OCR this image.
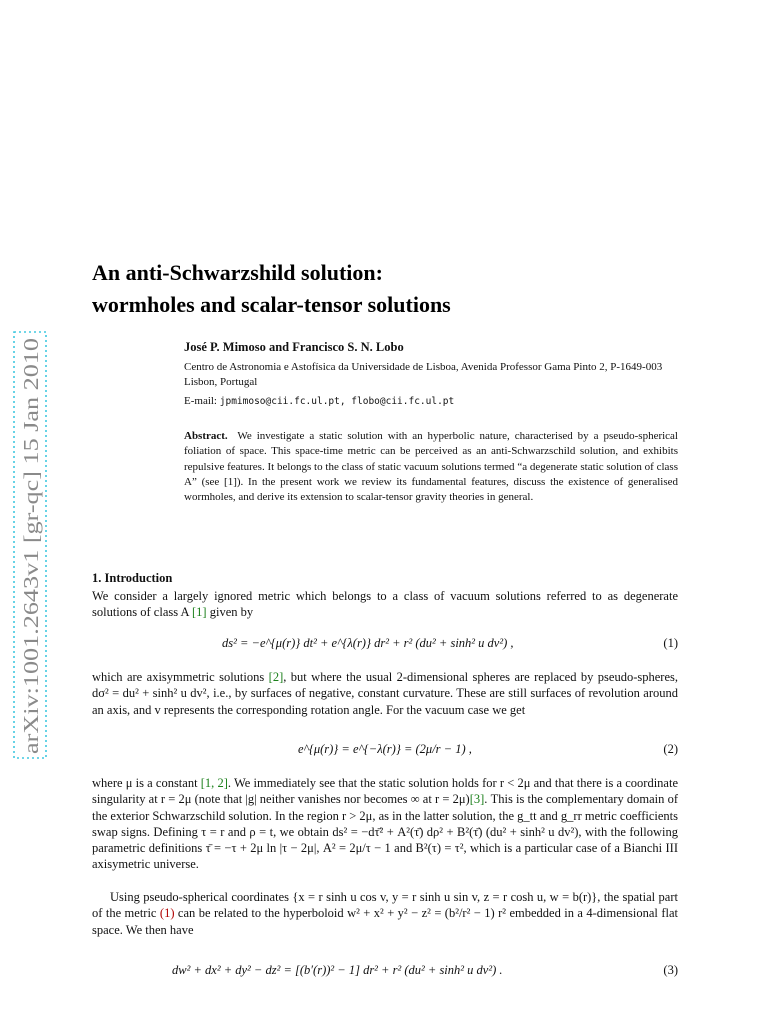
arXiv:1001.2643v1 [gr-qc] 15 Jan 2010
An anti-Schwarzshild solution:
wormholes and scalar-tensor solutions
José P. Mimoso and Francisco S. N. Lobo
Centro de Astronomia e Astofísica da Universidade de Lisboa, Avenida Professor Gama Pinto 2, P-1649-003 Lisbon, Portugal
E-mail: jpmimoso@cii.fc.ul.pt, flobo@cii.fc.ul.pt
Abstract. We investigate a static solution with an hyperbolic nature, characterised by a pseudo-spherical foliation of space. This space-time metric can be perceived as an anti-Schwarzschild solution, and exhibits repulsive features. It belongs to the class of static vacuum solutions termed “a degenerate static solution of class A” (see [1]). In the present work we review its fundamental features, discuss the existence of generalised wormholes, and derive its extension to scalar-tensor gravity theories in general.
1. Introduction
We consider a largely ignored metric which belongs to a class of vacuum solutions referred to as degenerate solutions of class A [1] given by
ds² = −e^{μ(r)} dt² + e^{λ(r)} dr² + r² (du² + sinh² u dv²) ,	(1)
which are axisymmetric solutions [2], but where the usual 2-dimensional spheres are replaced by pseudo-spheres, dσ² = du² + sinh² u dv², i.e., by surfaces of negative, constant curvature. These are still surfaces of revolution around an axis, and v represents the corresponding rotation angle. For the vacuum case we get
e^{μ(r)} = e^{−λ(r)} = (2μ/r − 1) ,	(2)
where μ is a constant [1, 2]. We immediately see that the static solution holds for r < 2μ and that there is a coordinate singularity at r = 2μ (note that |g| neither vanishes nor becomes ∞ at r = 2μ)[3]. This is the complementary domain of the exterior Schwarzschild solution. In the region r > 2μ, as in the latter solution, the g_tt and g_rr metric coefficients swap signs. Defining τ = r and ρ = t, we obtain ds² = −dτ̄² + A²(τ̄) dρ² + B²(τ̄) (du² + sinh² u dv²), with the following parametric definitions τ̄ = −τ + 2μ ln |τ − 2μ|, A² = 2μ/τ − 1 and B²(τ) = τ², which is a particular case of a Bianchi III axisymetric universe.
Using pseudo-spherical coordinates {x = r sinh u cos v, y = r sinh u sin v, z = r cosh u, w = b(r)}, the spatial part of the metric (1) can be related to the hyperboloid w² + x² + y² − z² = (b²/r² − 1) r² embedded in a 4-dimensional flat space. We then have
dw² + dx² + dy² − dz² = [(b′(r))² − 1] dr² + r² (du² + sinh² u dv²) .	(3)
